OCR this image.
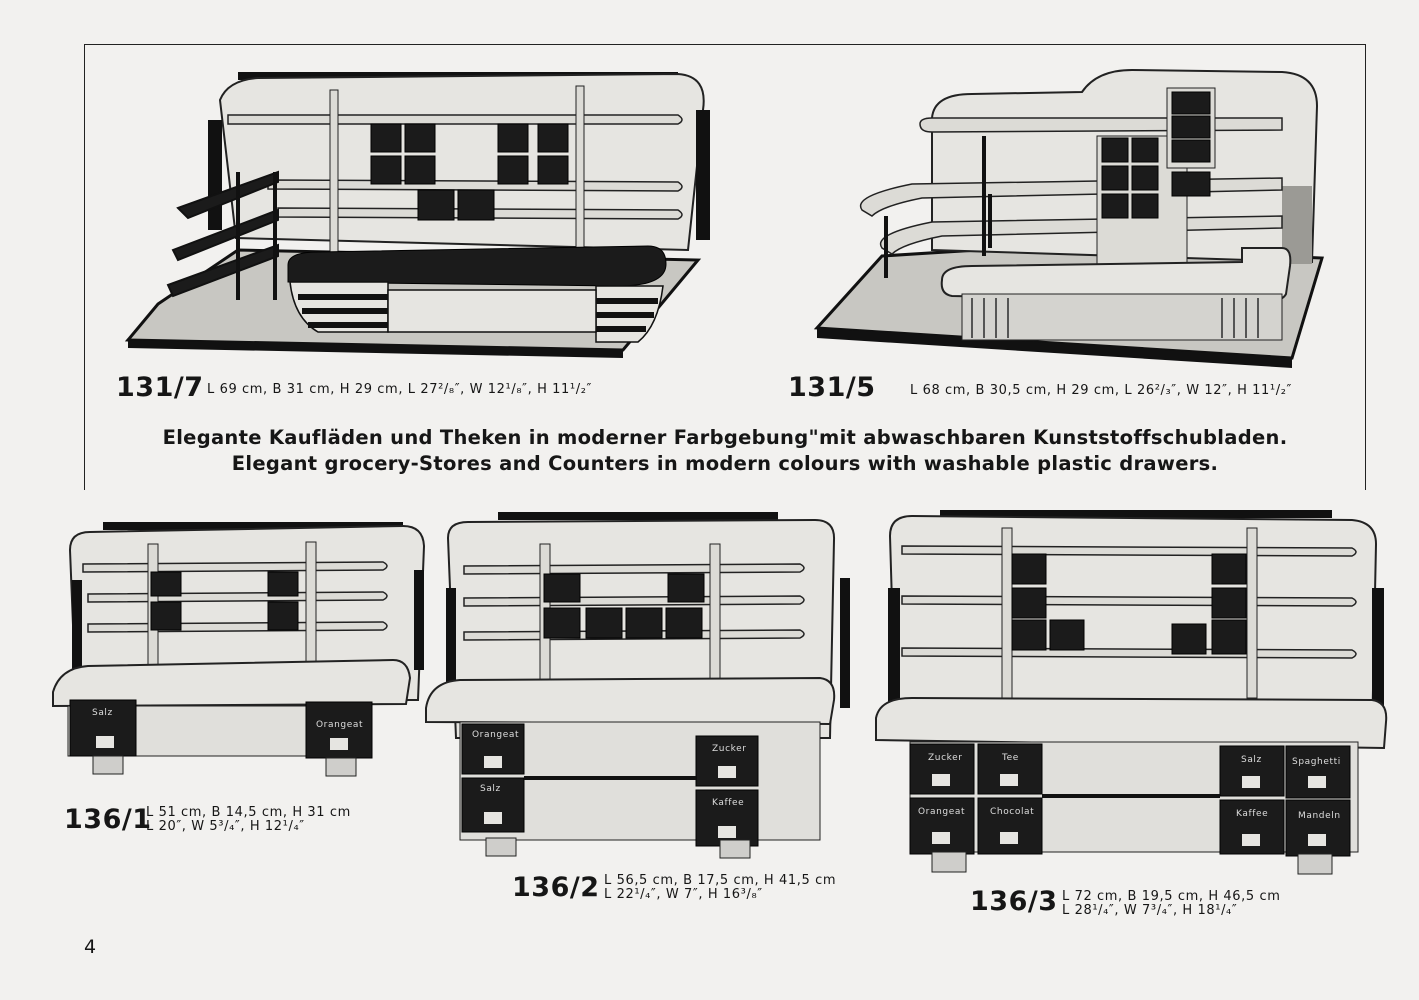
131/7 L 69 cm, B 31 cm, H 29 cm, L 27²/₈″, W 12¹/₈″, H 11¹/₂″	131/5	L 68 cm, B 30,5 cm, H 29 cm, L 26²/₃″, W 12″, H 11¹/₂″
Elegante Kaufläden und Theken in moderner Farbgebung"mit abwaschbaren Kunststoffschubladen.
Elegant grocery-Stores and Counters in modern colours with washable plastic drawers.
Salz
Orangeat
Orangeat
Zucker
Salz
Kaffee
Zucker	Tee	Salz	Spaghetti
Orangeat	Chocolat	Kaffee	Mandeln
136/1
L 51 cm, B 14,5 cm, H 31 cm
L 20″, W 5³/₄″, H 12¹/₄″
136/2 L 56,5 cm, B 17,5 cm, H 41,5 cm
L 22¹/₄″, W 7″, H 16³/₈″	136/3 L 72 cm, B 19,5 cm, H 46,5 cm
L 28¹/₄″, W 7³/₄″, H 18¹/₄″
4
